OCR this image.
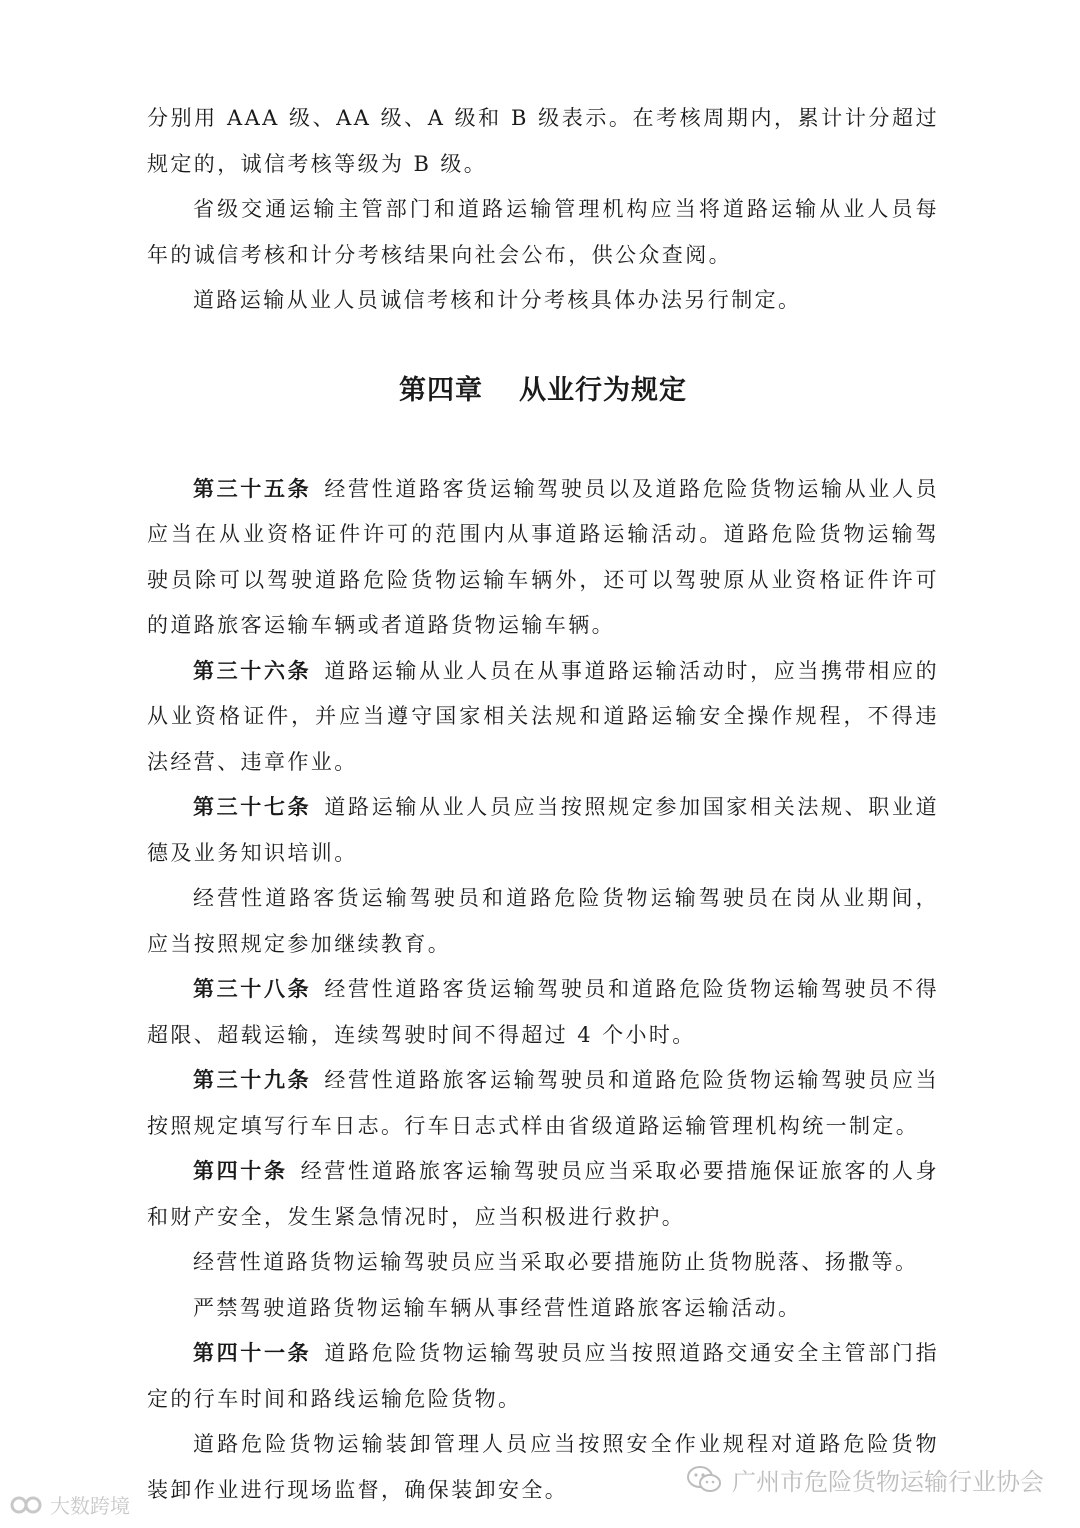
分别用 AAA 级、AA 级、A 级和 B 级表示。在考核周期内，累计计分超过规定的，诚信考核等级为 B 级。

省级交通运输主管部门和道路运输管理机构应当将道路运输从业人员每年的诚信考核和计分考核结果向社会公布，供公众查阅。

道路运输从业人员诚信考核和计分考核具体办法另行制定。

第四章 从业行为规定

第三十五条  经营性道路客货运输驾驶员以及道路危险货物运输从业人员应当在从业资格证件许可的范围内从事道路运输活动。道路危险货物运输驾驶员除可以驾驶道路危险货物运输车辆外，还可以驾驶原从业资格证件许可的道路旅客运输车辆或者道路货物运输车辆。

第三十六条  道路运输从业人员在从事道路运输活动时，应当携带相应的从业资格证件，并应当遵守国家相关法规和道路运输安全操作规程，不得违法经营、违章作业。

第三十七条  道路运输从业人员应当按照规定参加国家相关法规、职业道德及业务知识培训。

经营性道路客货运输驾驶员和道路危险货物运输驾驶员在岗从业期间，应当按照规定参加继续教育。

第三十八条  经营性道路客货运输驾驶员和道路危险货物运输驾驶员不得超限、超载运输，连续驾驶时间不得超过 4 个小时。

第三十九条  经营性道路旅客运输驾驶员和道路危险货物运输驾驶员应当按照规定填写行车日志。行车日志式样由省级道路运输管理机构统一制定。

第四十条  经营性道路旅客运输驾驶员应当采取必要措施保证旅客的人身和财产安全，发生紧急情况时，应当积极进行救护。

经营性道路货物运输驾驶员应当采取必要措施防止货物脱落、扬撒等。

严禁驾驶道路货物运输车辆从事经营性道路旅客运输活动。

第四十一条  道路危险货物运输驾驶员应当按照道路交通安全主管部门指定的行车时间和路线运输危险货物。

道路危险货物运输装卸管理人员应当按照安全作业规程对道路危险货物装卸作业进行现场监督，确保装卸安全。

大数跨境
广州市危险货物运输行业协会
